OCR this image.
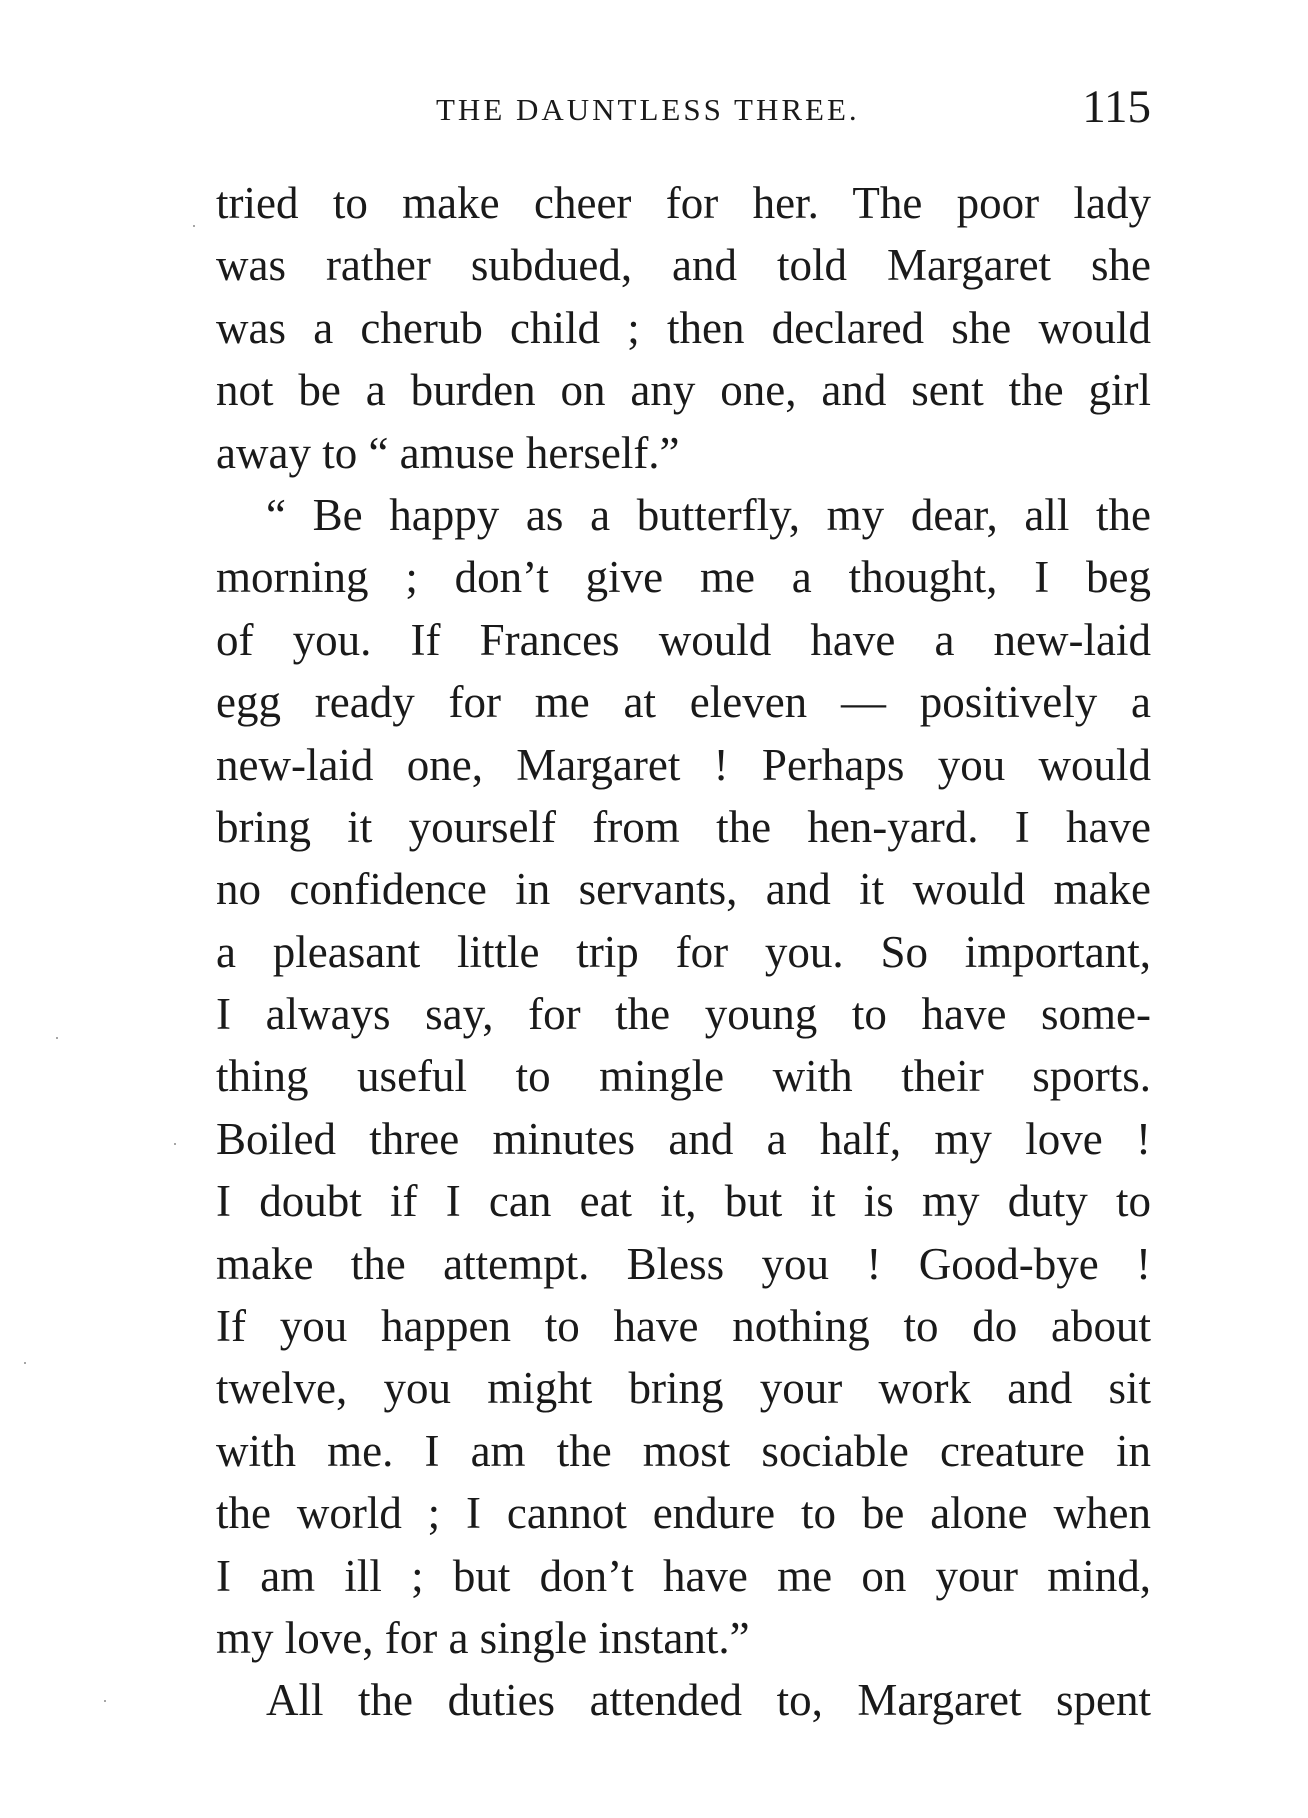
THE DAUNTLESS THREE.	115
tried to make cheer for her. The poor lady
was rather subdued, and told Margaret she
was a cherub child ; then declared she would
not be a burden on any one, and sent the girl
away to “ amuse herself.”
“ Be happy as a butterfly, my dear, all the
morning ; don’t give me a thought, I beg
of you. If Frances would have a new-laid
egg ready for me at eleven — positively a
new-laid one, Margaret ! Perhaps you would
bring it yourself from the hen-yard. I have
no confidence in servants, and it would make
a pleasant little trip for you. So important,
I always say, for the young to have some-
thing useful to mingle with their sports.
Boiled three minutes and a half, my love !
I doubt if I can eat it, but it is my duty to
make the attempt. Bless you ! Good-bye !
If you happen to have nothing to do about
twelve, you might bring your work and sit
with me. I am the most sociable creature in
the world ; I cannot endure to be alone when
I am ill ; but don’t have me on your mind,
my love, for a single instant.”
All the duties attended to, Margaret spent
